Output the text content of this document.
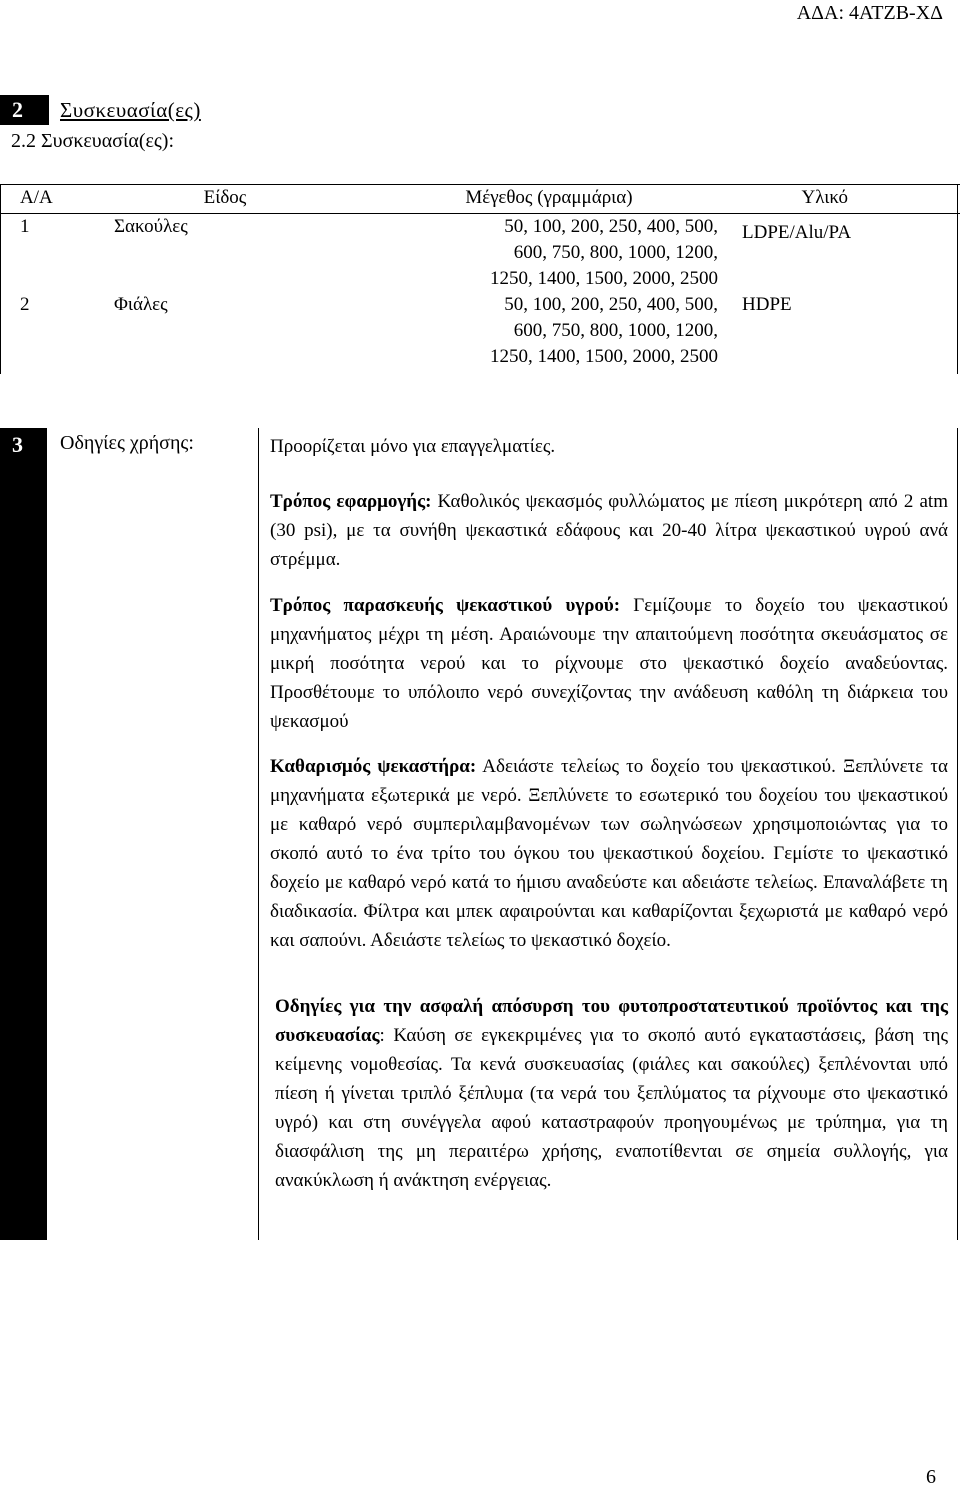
ΑΔΑ: 4ΑΤΖΒ-ΧΔ
2	Συσκευασία(ες)
2.2 Συσκευασία(ες):
Α/Α	Είδος	Μέγεθος (γραμμάρια)	Υλικό
1	Σακούλες	50, 100, 200, 250, 400, 500,
600, 750, 800, 1000, 1200,
1250, 1400, 1500, 2000, 2500	LDPE/Alu/PA
2	Φιάλες	50, 100, 200, 250, 400, 500,
600, 750, 800, 1000, 1200,
1250, 1400, 1500, 2000, 2500	HDPE
3	Οδηγίες χρήσης:	Προορίζεται μόνο για επαγγελματίες.
Τρόπος εφαρμογής: Καθολικός ψεκασμός φυλλώματος με πίεση μικρότερη από 2 atm (30 psi), με τα συνήθη ψεκαστικά εδάφους και 20-40 λίτρα ψεκαστικού υγρού ανά στρέμμα.
Τρόπος παρασκευής ψεκαστικού υγρού: Γεμίζουμε το δοχείο του ψεκαστικού μηχανήματος μέχρι τη μέση. Αραιώνουμε την απαιτούμενη ποσότητα σκευάσματος σε μικρή ποσότητα νερού και το ρίχνουμε στο ψεκαστικό δοχείο αναδεύοντας. Προσθέτουμε το υπόλοιπο νερό συνεχίζοντας την ανάδευση καθόλη τη διάρκεια του ψεκασμού
Καθαρισμός ψεκαστήρα: Αδειάστε τελείως το δοχείο του ψεκαστικού. Ξεπλύνετε τα μηχανήματα εξωτερικά με νερό. Ξεπλύνετε το εσωτερικό του δοχείου του ψεκαστικού με καθαρό νερό συμπεριλαμβανομένων των σωληνώσεων χρησιμοποιώντας για το σκοπό αυτό το ένα τρίτο του όγκου του ψεκαστικού δοχείου. Γεμίστε το ψεκαστικό δοχείο με καθαρό νερό κατά το ήμισυ αναδεύστε και αδειάστε τελείως. Επαναλάβετε τη διαδικασία. Φίλτρα και μπεκ αφαιρούνται και καθαρίζονται ξεχωριστά με καθαρό νερό και σαπούνι. Αδειάστε τελείως το ψεκαστικό δοχείο.
Οδηγίες για την ασφαλή απόσυρση του φυτοπροστατευτικού προϊόντος και της συσκευασίας: Καύση σε εγκεκριμένες για το σκοπό αυτό εγκαταστάσεις, βάση της κείμενης νομοθεσίας. Τα κενά συσκευασίας (φιάλες και σακούλες) ξεπλένονται υπό πίεση ή γίνεται τριπλό ξέπλυμα (τα νερά του ξεπλύματος τα ρίχνουμε στο ψεκαστικό υγρό) και στη συνέγγελα αφού καταστραφούν προηγουμένως με τρύπημα, για τη διασφάλιση της μη περαιτέρω χρήσης, εναποτίθενται σε σημεία συλλογής, για ανακύκλωση ή ανάκτηση ενέργειας.
6
